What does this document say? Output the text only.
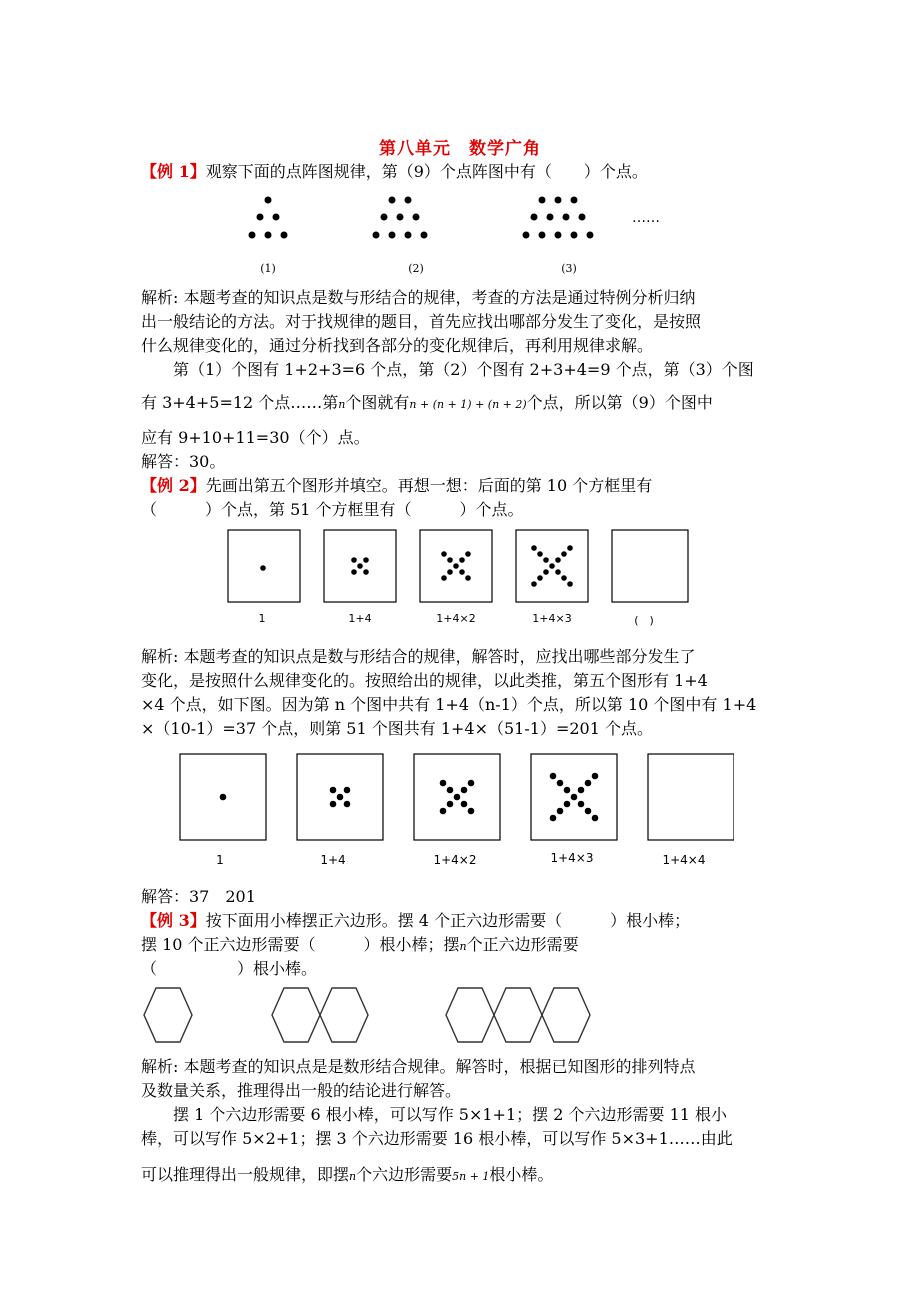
第八单元　数学广角
【例 1】观察下面的点阵图规律，第（9）个点阵图中有（　　）个点。
……
(1)	(2)	(3)
解析: 本题考查的知识点是数与形结合的规律，考查的方法是通过特例分析归纳
出一般结论的方法。对于找规律的题目，首先应找出哪部分发生了变化，是按照
什么规律变化的，通过分析找到各部分的变化规律后，再利用规律求解。
第（1）个图有 1+2+3=6 个点，第（2）个图有 2+3+4=9 个点，第（3）个图
有 3+4+5=12 个点……第n个图就有n + (n + 1) + (n + 2)个点，所以第（9）个图中
应有 9+10+11=30（个）点。
解答：30。
【例 2】先画出第五个图形并填空。再想一想：后面的第 10 个方框里有
（　　　）个点，第 51 个方框里有（　　　）个点。
1	1+4	1+4×2	1+4×3	(　)
解析: 本题考查的知识点是数与形结合的规律，解答时，应找出哪些部分发生了
变化，是按照什么规律变化的。按照给出的规律，以此类推，第五个图形有 1+4
×4 个点，如下图。因为第 n 个图中共有 1+4（n-1）个点，所以第 10 个图中有 1+4
×（10-1）=37 个点，则第 51 个图共有 1+4×（51-1）=201 个点。
1	1+4	1+4×2	1+4×3	1+4×4
解答：37　201
【例 3】按下面用小棒摆正六边形。摆 4 个正六边形需要（　　　）根小棒；
摆 10 个正六边形需要（　　　）根小棒；摆n个正六边形需要
（　　　　　）根小棒。
解析: 本题考查的知识点是是数形结合规律。解答时，根据已知图形的排列特点
及数量关系，推理得出一般的结论进行解答。
摆 1 个六边形需要 6 根小棒，可以写作 5×1+1；摆 2 个六边形需要 11 根小
棒，可以写作 5×2+1；摆 3 个六边形需要 16 根小棒，可以写作 5×3+1……由此
可以推理得出一般规律，即摆n个六边形需要5n + 1根小棒。
